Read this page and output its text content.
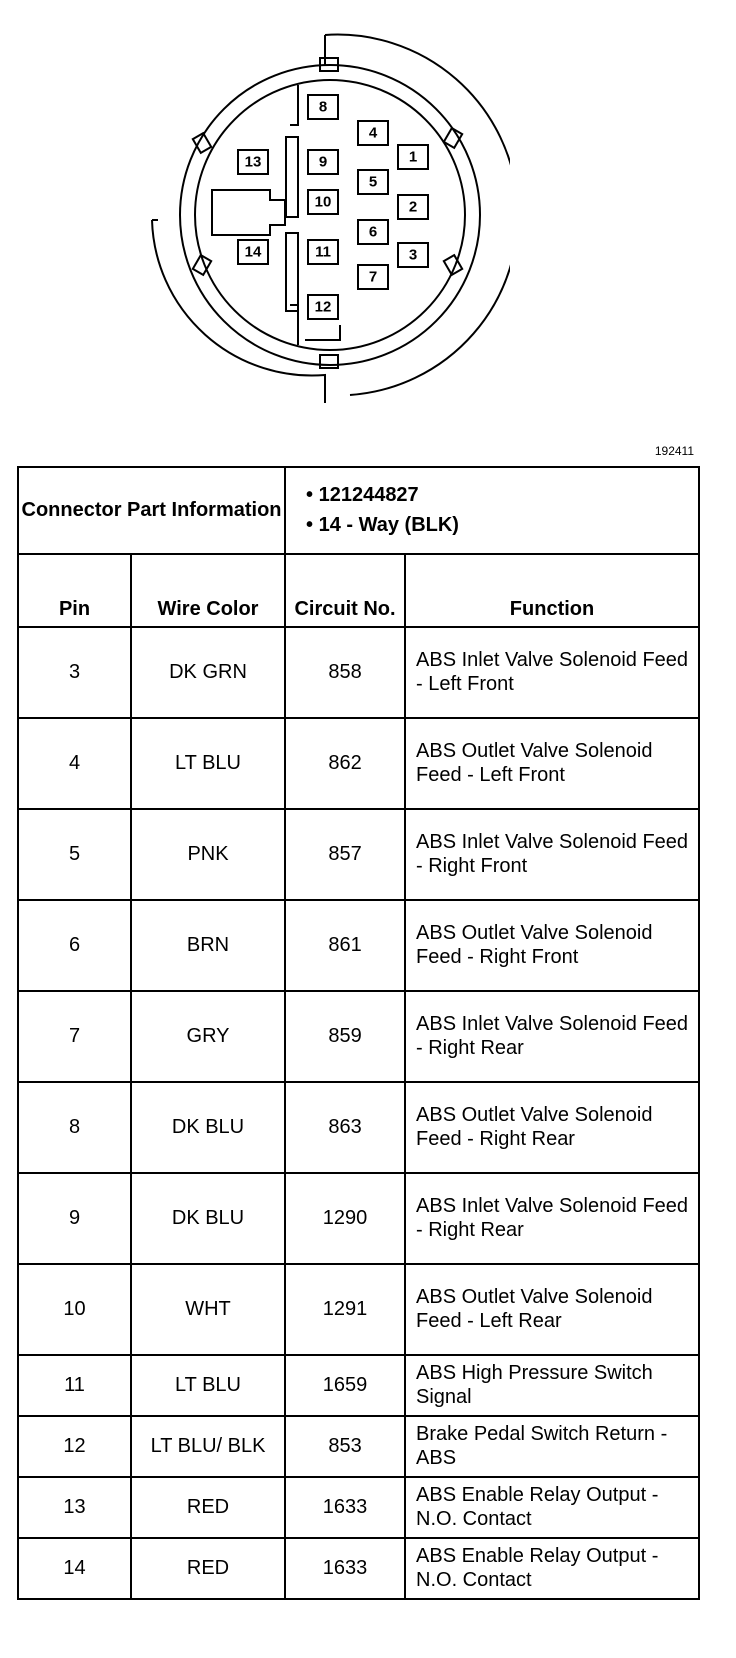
13
14
8
9
10
11
12
4
5
6
7
1
2
3
192411
Connector Part Information		• 121244827
• 14 - Way (BLK)	

Pin	Wire Color	Circuit No.	Function
3	DK GRN	858	ABS Inlet Valve Solenoid Feed - Left Front
4	LT BLU	862	ABS Outlet Valve Solenoid Feed - Left Front
5	PNK	857	ABS Inlet Valve Solenoid Feed - Right Front
6	BRN	861	ABS Outlet Valve Solenoid Feed - Right Front
7	GRY	859	ABS Inlet Valve Solenoid Feed - Right Rear
8	DK BLU	863	ABS Outlet Valve Solenoid Feed - Right Rear
9	DK BLU	1290	ABS Inlet Valve Solenoid Feed - Right Rear
10	WHT	1291	ABS Outlet Valve Solenoid Feed - Left Rear
11	LT BLU	1659	ABS High Pressure Switch Signal
12	LT BLU/ BLK	853	Brake Pedal Switch Return - ABS
13	RED	1633	ABS Enable Relay Output - N.O. Contact
14	RED	1633	ABS Enable Relay Output - N.O. Contact
